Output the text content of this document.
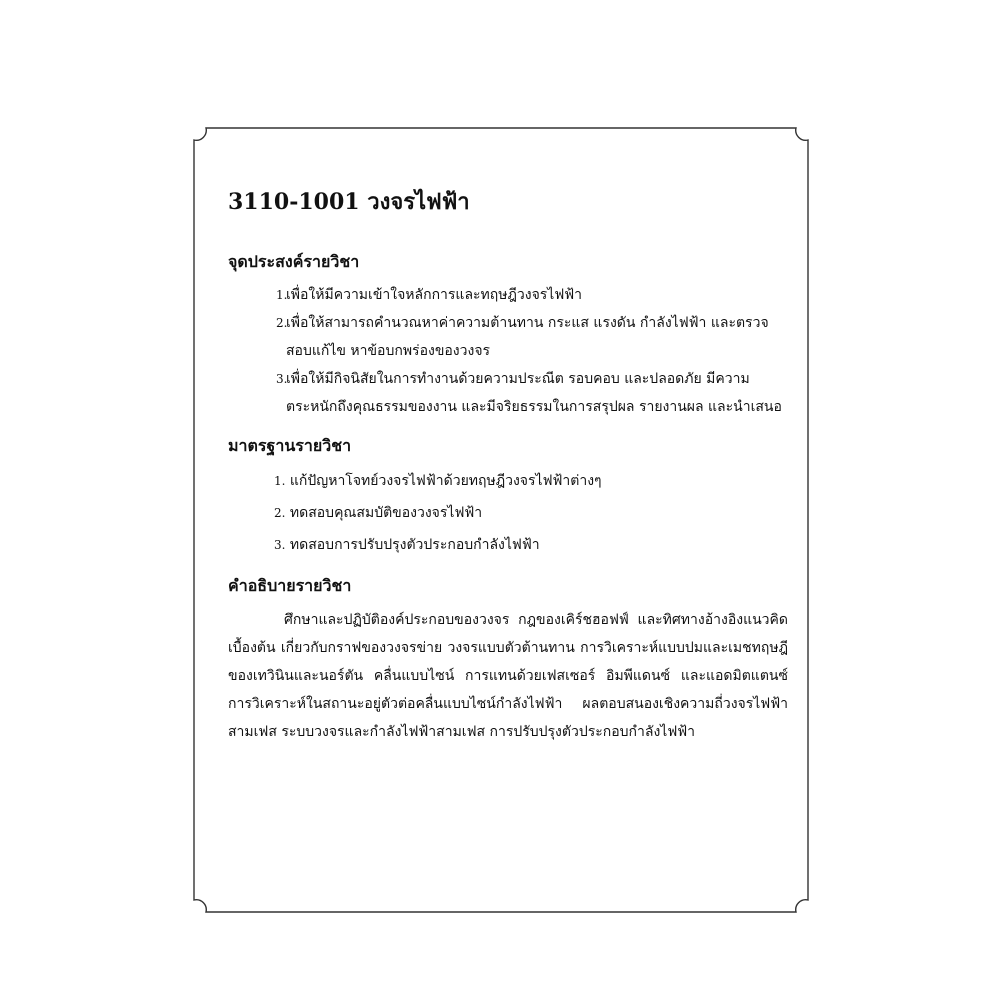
3110-1001 วงจรไฟฟ้า
จุดประสงค์รายวิชา
1.
เพื่อให้มีความเข้าใจหลักการและทฤษฎีวงจรไฟฟ้า
2.
เพื่อให้สามารถคำนวณหาค่าความต้านทาน กระแส แรงดัน กำลังไฟฟ้า และตรวจสอบแก้ไข หาข้อบกพร่องของวงจร
3.
เพื่อให้มีกิจนิสัยในการทำงานด้วยความประณีต รอบคอบ และปลอดภัย มีความตระหนักถึงคุณธรรมของงาน และมีจริยธรรมในการสรุปผล รายงานผล และนำเสนอ
มาตรฐานรายวิชา
1. แก้ปัญหาโจทย์วงจรไฟฟ้าด้วยทฤษฎีวงจรไฟฟ้าต่างๆ
2. ทดสอบคุณสมบัติของวงจรไฟฟ้า
3. ทดสอบการปรับปรุงตัวประกอบกำลังไฟฟ้า
คำอธิบายรายวิชา

ศึกษาและปฏิบัติองค์ประกอบของวงจร กฎของเคิร์ชฮอฟฟ์ และทิศทางอ้างอิงแนวคิดเบื้องต้น เกี่ยวกับกราฟของวงจรข่าย วงจรแบบตัวต้านทาน การวิเคราะห์แบบปมและเมชทฤษฎีของเทวินินและนอร์ตัน คลื่นแบบไซน์ การแทนด้วยเฟสเซอร์ อิมพีแดนซ์ และแอดมิตแตนซ์ การวิเคราะห์ในสถานะอยู่ตัวต่อคลื่นแบบไซน์กำลังไฟฟ้า ผลตอบสนองเชิงความถี่วงจรไฟฟ้าสามเฟส ระบบวงจรและกำลังไฟฟ้าสามเฟส การปรับปรุงตัวประกอบกำลังไฟฟ้า
